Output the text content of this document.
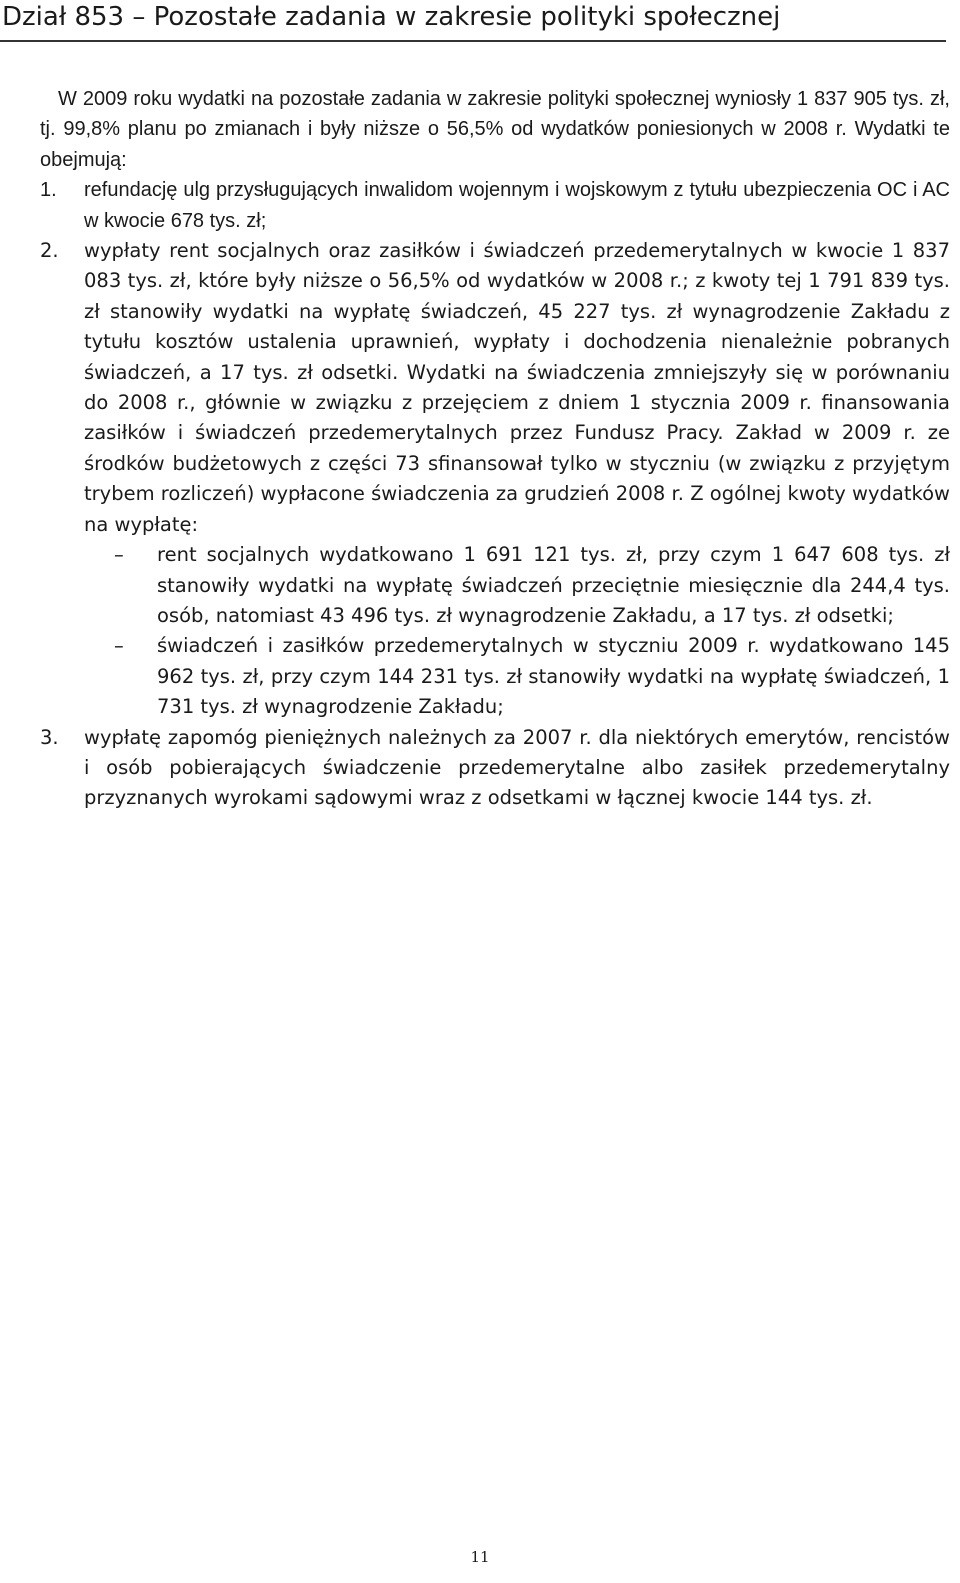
Dział 853 – Pozostałe zadania w zakresie polityki społecznej

W 2009 roku wydatki na pozostałe zadania w zakresie polityki społecznej wyniosły 1 837 905 tys. zł, tj. 99,8% planu po zmianach i były niższe o 56,5% od wydatków poniesionych w 2008 r. Wydatki te obejmują:

1.	refundację ulg przysługujących inwalidom wojennym i wojskowym z tytułu ubezpieczenia OC i AC w kwocie 678 tys. zł;
2.	wypłaty rent socjalnych oraz zasiłków i świadczeń przedemerytalnych w kwocie 1 837 083 tys. zł, które były niższe o 56,5% od wydatków w 2008 r.; z kwoty tej 1 791 839 tys. zł stanowiły wydatki na wypłatę świadczeń, 45 227 tys. zł wynagrodzenie Zakładu z tytułu kosztów ustalenia uprawnień, wypłaty i dochodzenia nienależnie pobranych świadczeń, a 17 tys. zł odsetki. Wydatki na świadczenia zmniejszyły się w porównaniu do 2008 r., głównie w związku z przejęciem z dniem 1 stycznia 2009 r. finansowania zasiłków i świadczeń przedemerytalnych przez Fundusz Pracy. Zakład w 2009 r. ze środków budżetowych z części 73 sfinansował tylko w styczniu (w związku z przyjętym trybem rozliczeń) wypłacone świadczenia za grudzień 2008 r. Z ogólnej kwoty wydatków na wypłatę:
– rent socjalnych wydatkowano 1 691 121 tys. zł, przy czym 1 647 608 tys. zł stanowiły wydatki na wypłatę świadczeń przeciętnie miesięcznie dla 244,4 tys. osób, natomiast 43 496 tys. zł wynagrodzenie Zakładu, a 17 tys. zł odsetki;
– świadczeń i zasiłków przedemerytalnych w styczniu 2009 r. wydatkowano 145 962 tys. zł, przy czym 144 231 tys. zł stanowiły wydatki na wypłatę świadczeń, 1 731 tys. zł wynagrodzenie Zakładu;
3.	wypłatę zapomóg pieniężnych należnych za 2007 r. dla niektórych emerytów, rencistów i osób pobierających świadczenie przedemerytalne albo zasiłek przedemerytalny przyznanych wyrokami sądowymi wraz z odsetkami w łącznej kwocie 144 tys. zł.
11
